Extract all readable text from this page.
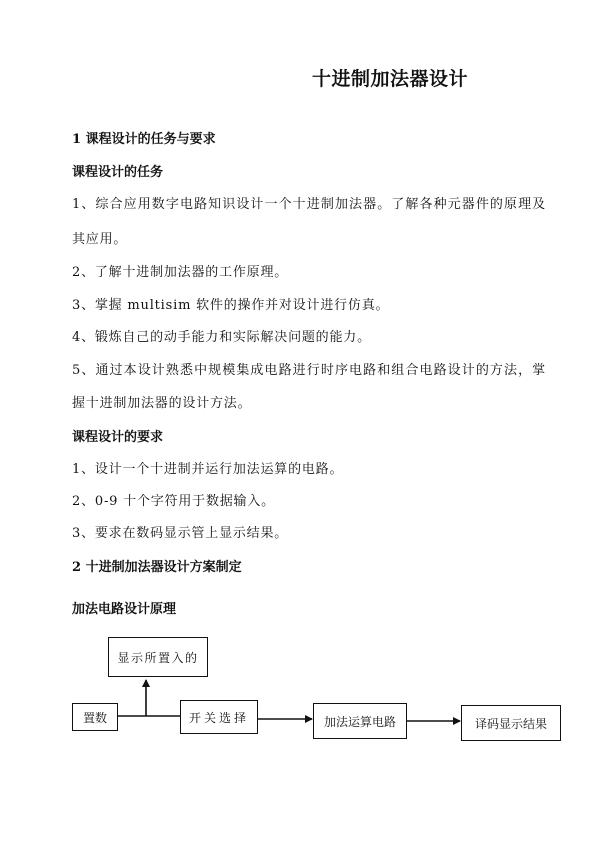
十进制加法器设计
1 课程设计的任务与要求
课程设计的任务
1、综合应用数字电路知识设计一个十进制加法器。了解各种元器件的原理及
其应用。
2、了解十进制加法器的工作原理。
3、掌握 multisim 软件的操作并对设计进行仿真。
4、锻炼自己的动手能力和实际解决问题的能力。
5、通过本设计熟悉中规模集成电路进行时序电路和组合电路设计的方法，掌
握十进制加法器的设计方法。
课程设计的要求
1、设计一个十进制并运行加法运算的电路。
2、0-9 十个字符用于数据输入。
3、要求在数码显示管上显示结果。
2 十进制加法器设计方案制定
加法电路设计原理
显示所置入的
置数	开关选择	加法运算电路	译码显示结果
